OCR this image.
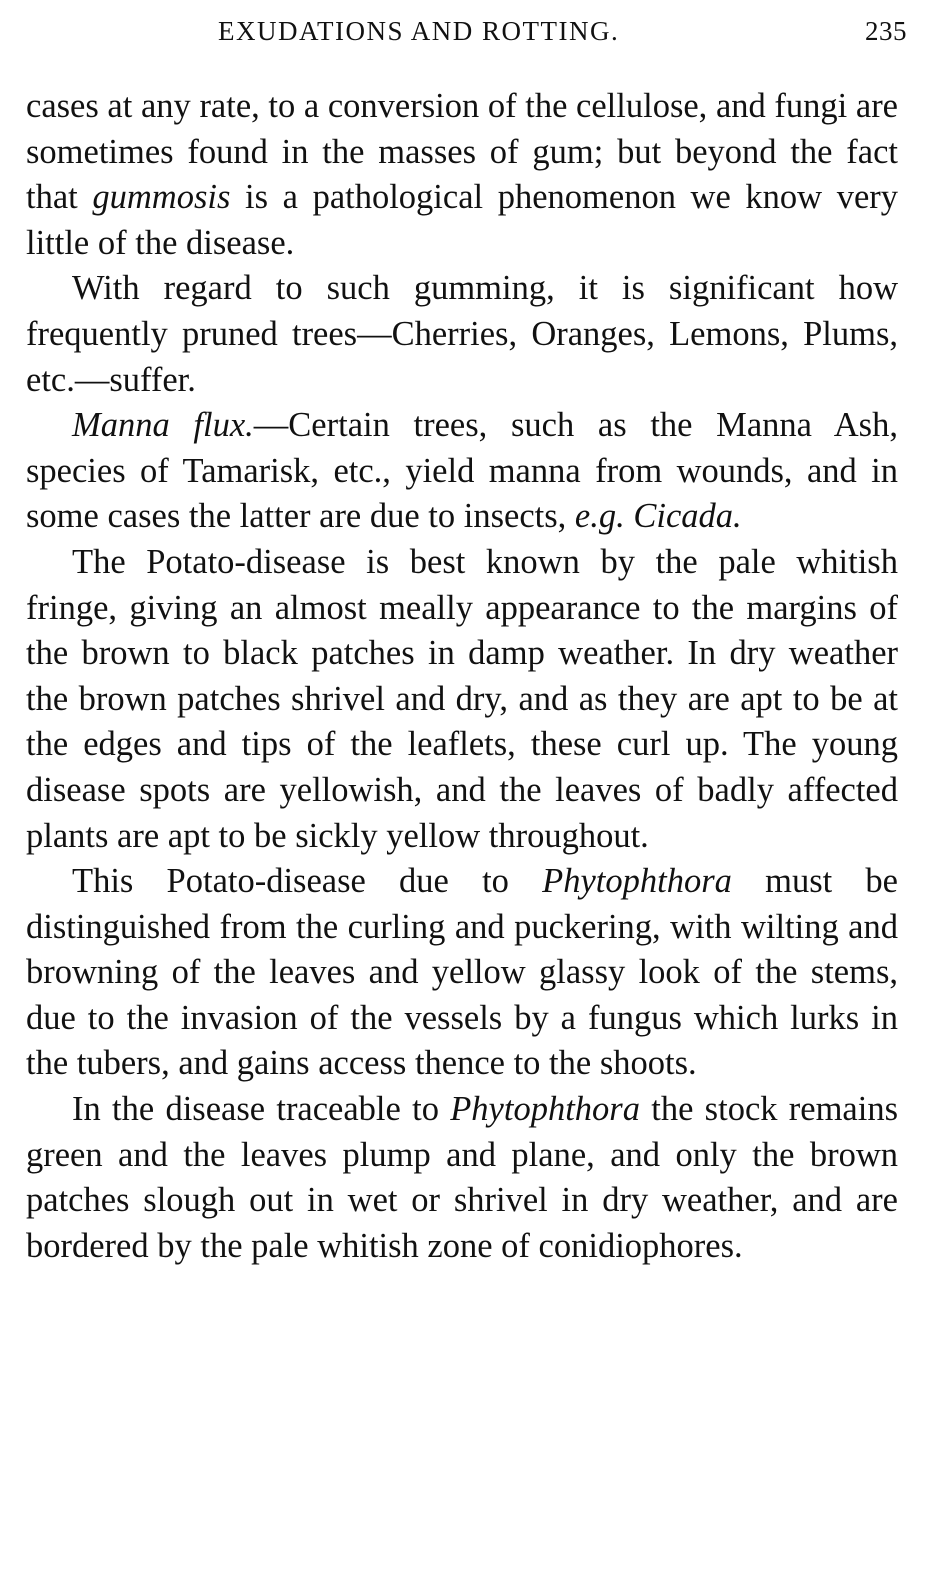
EXUDATIONS AND ROTTING.	235

cases at any rate, to a conversion of the cellulose, and fungi are sometimes found in the masses of gum; but beyond the fact that gummosis is a pathological phenomenon we know very little of the disease.

With regard to such gumming, it is significant how frequently pruned trees—Cherries, Oranges, Lemons, Plums, etc.—suffer.

Manna flux.—Certain trees, such as the Manna Ash, species of Tamarisk, etc., yield manna from wounds, and in some cases the latter are due to insects, e.g. Cicada.

The Potato-disease is best known by the pale whitish fringe, giving an almost meally appearance to the margins of the brown to black patches in damp weather. In dry weather the brown patches shrivel and dry, and as they are apt to be at the edges and tips of the leaflets, these curl up. The young disease spots are yellowish, and the leaves of badly affected plants are apt to be sickly yellow throughout.

This Potato-disease due to Phytophthora must be distinguished from the curling and puckering, with wilting and browning of the leaves and yellow glassy look of the stems, due to the invasion of the vessels by a fungus which lurks in the tubers, and gains access thence to the shoots.

In the disease traceable to Phytophthora the stock remains green and the leaves plump and plane, and only the brown patches slough out in wet or shrivel in dry weather, and are bordered by the pale whitish zone of conidiophores.
